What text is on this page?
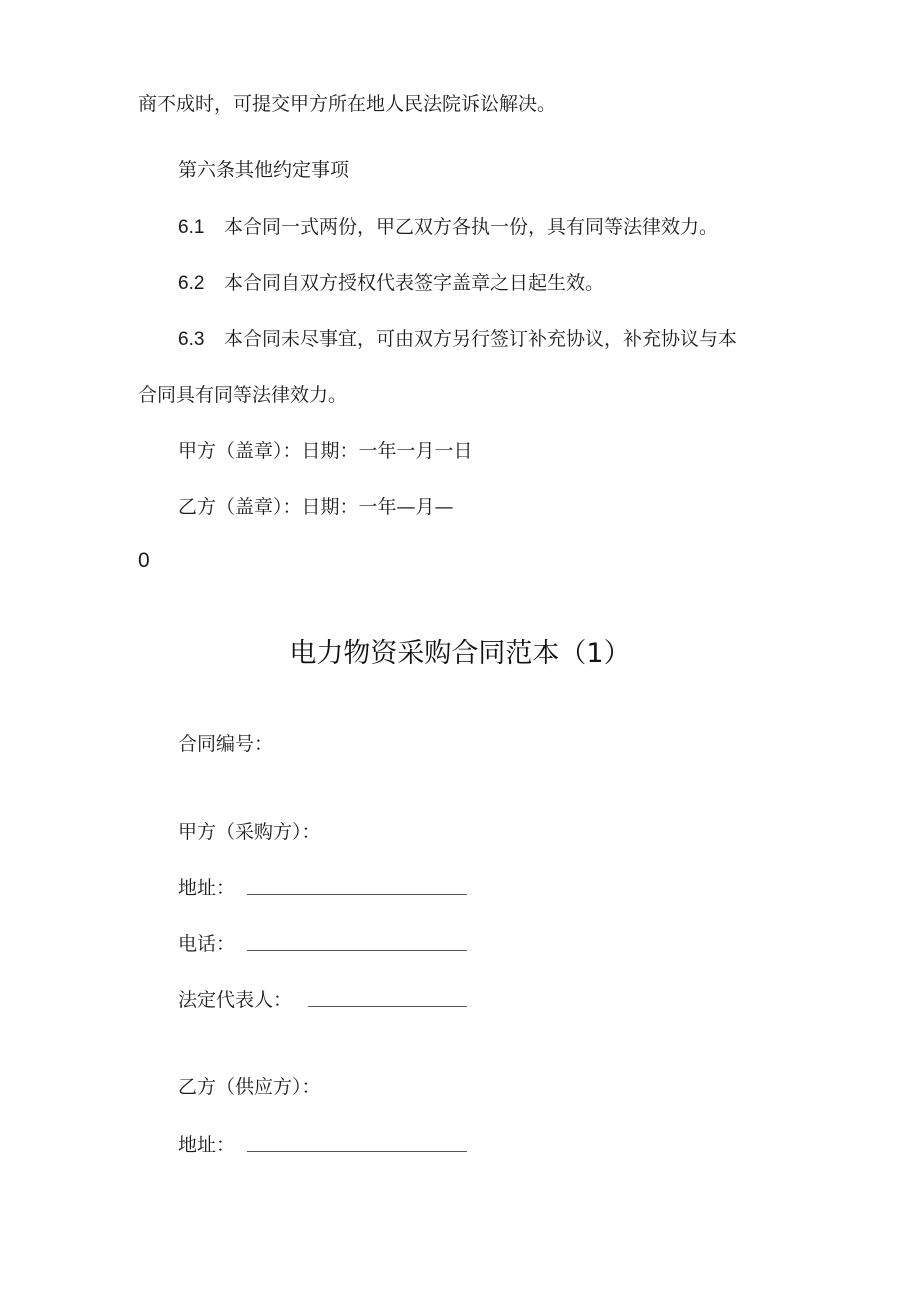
商不成时，可提交甲方所在地人民法院诉讼解决。
第六条其他约定事项
6.1 本合同一式两份，甲乙双方各执一份，具有同等法律效力。
6.2 本合同自双方授权代表签字盖章之日起生效。
6.3 本合同未尽事宜，可由双方另行签订补充协议，补充协议与本
合同具有同等法律效力。
甲方（盖章）：日期：一年一月一日
乙方（盖章）：日期：一年—月—
0
电力物资采购合同范本（1）
合同编号：
甲方（采购方）：
地址：
电话：
法定代表人：
乙方（供应方）：
地址：
